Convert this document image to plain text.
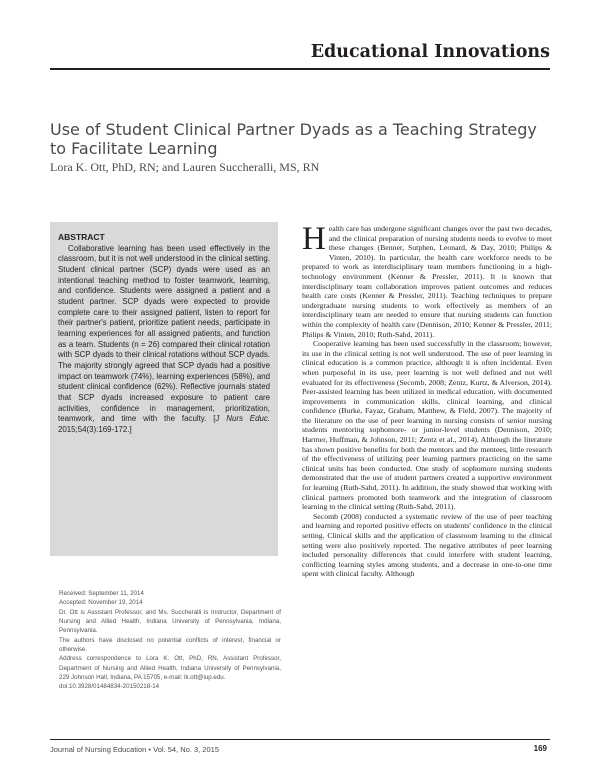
Educational Innovations
Use of Student Clinical Partner Dyads as a Teaching Strategy to Facilitate Learning
Lora K. Ott, PhD, RN; and Lauren Succheralli, MS, RN
ABSTRACT

Collaborative learning has been used effectively in the classroom, but it is not well understood in the clinical setting. Student clinical partner (SCP) dyads were used as an intentional teaching method to foster teamwork, learning, and confidence. Students were assigned a patient and a student partner. SCP dyads were expected to provide complete care to their assigned patient, listen to report for their partner's patient, prioritize patient needs, participate in learning experiences for all assigned patients, and function as a team. Students (n = 26) compared their clinical rotation with SCP dyads to their clinical rotations without SCP dyads. The majority strongly agreed that SCP dyads had a positive impact on teamwork (74%), learning experiences (58%), and student clinical confidence (62%). Reflective journals stated that SCP dyads increased exposure to patient care activities, confidence in management, prioritization, teamwork, and time with the faculty. [J Nurs Educ. 2015;54(3):169-172.]

Received: September 11, 2014

Accepted: November 19, 2014

Dr. Ott is Assistant Professor, and Ms. Succheralli is Instructor, Department of Nursing and Allied Health, Indiana University of Pennsylvania, Indiana, Pennsylvania.

The authors have disclosed no potential conflicts of interest, financial or otherwise.

Address correspondence to Lora K. Ott, PhD, RN, Assistant Professor, Department of Nursing and Allied Health, Indiana University of Pennsylvania, 229 Johnson Hall, Indiana, PA 15705; e-mail: lk.ott@iup.edu.

doi:10.3928/01484834-20150218-14

Health care has undergone significant changes over the past two decades, and the clinical preparation of nursing students needs to evolve to meet these changes (Benner, Sutphen, Leonard, & Day, 2010; Philips & Vinten, 2010). In particular, the health care workforce needs to be prepared to work as interdisciplinary team members functioning in a high-technology environment (Kenner & Pressler, 2011). It is known that interdisciplinary team collaboration improves patient outcomes and reduces health care costs (Kenner & Pressler, 2011). Teaching techniques to prepare undergraduate nursing students to work effectively as members of an interdisciplinary team are needed to ensure that nursing students can function within the complexity of health care (Dennison, 2010; Kenner & Pressler, 2011; Philips & Vinten, 2010; Ruth-Sahd, 2011).

Cooperative learning has been used successfully in the classroom; however, its use in the clinical setting is not well understood. The use of peer learning in clinical education is a common practice, although it is often incidental. Even when purposeful in its use, peer learning is not well defined and not well evaluated for its effectiveness (Secomb, 2008; Zentz, Kurtz, & Alverson, 2014). Peer-assisted learning has been utilized in medical education, with documented improvements in communication skills, clinical learning, and clinical confidence (Burke, Fayaz, Graham, Matthew, & Field, 2007). The majority of the literature on the use of peer learning in nursing consists of senior nursing students mentoring sophomore- or junior-level students (Dennison, 2010; Harmer, Huffman, & Johnson, 2011; Zentz et al., 2014). Although the literature has shown positive benefits for both the mentors and the mentees, little research of the effectiveness of utilizing peer learning partners practicing on the same clinical units has been conducted. One study of sophomore nursing students demonstrated that the use of student partners created a supportive environment for learning (Ruth-Sahd, 2011). In addition, the study showed that working with clinical partners promoted both teamwork and the integration of classroom learning to the clinical setting (Ruth-Sahd, 2011).

Secomb (2008) conducted a systematic review of the use of peer teaching and learning and reported positive effects on students' confidence in the clinical setting. Clinical skills and the application of classroom learning to the clinical setting were also positively reported. The negative attributes of peer learning included personality differences that could interfere with student learning, conflicting learning styles among students, and a decrease in one-to-one time spent with clinical faculty. Although

Journal of Nursing Education • Vol. 54, No. 3, 2015	169
